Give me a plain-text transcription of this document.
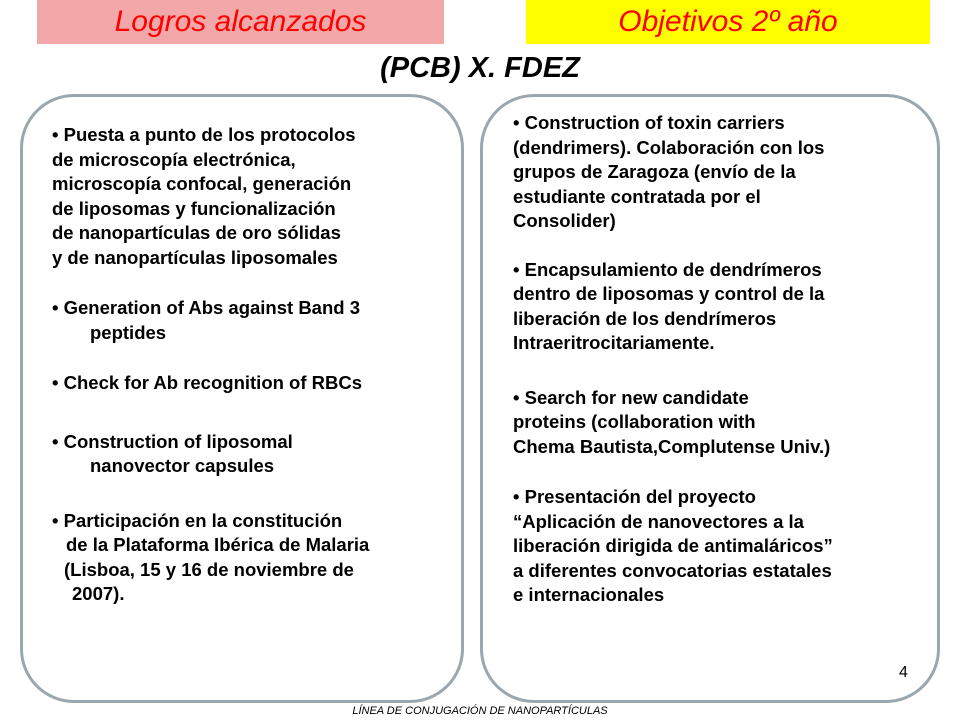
Logros alcanzados	Objetivos 2º año
(PCB) X. FDEZ
• Puesta a punto de los protocolos
de microscopía electrónica,
microscopía confocal, generación
de liposomas y funcionalización
de nanopartículas de oro sólidas
y de nanopartículas liposomales
• Generation of Abs against Band 3
peptides
• Check for Ab recognition of RBCs
• Construction of liposomal
nanovector capsules
• Participación en la constitución
de la Plataforma Ibérica de Malaria
(Lisboa, 15 y 16 de noviembre de
2007).
• Construction of toxin carriers
(dendrimers). Colaboración con los
grupos de Zaragoza (envío de la
estudiante contratada por el
Consolider)
• Encapsulamiento de dendrímeros
dentro de liposomas y control de la
liberación de los dendrímeros
Intraeritrocitariamente.
• Search for new candidate
proteins (collaboration with
Chema Bautista,Complutense Univ.)
• Presentación del proyecto
“Aplicación de nanovectores a la
liberación dirigida de antimaláricos”
a diferentes convocatorias estatales
e internacionales
4
LÍNEA DE CONJUGACIÓN DE NANOPARTÍCULAS
